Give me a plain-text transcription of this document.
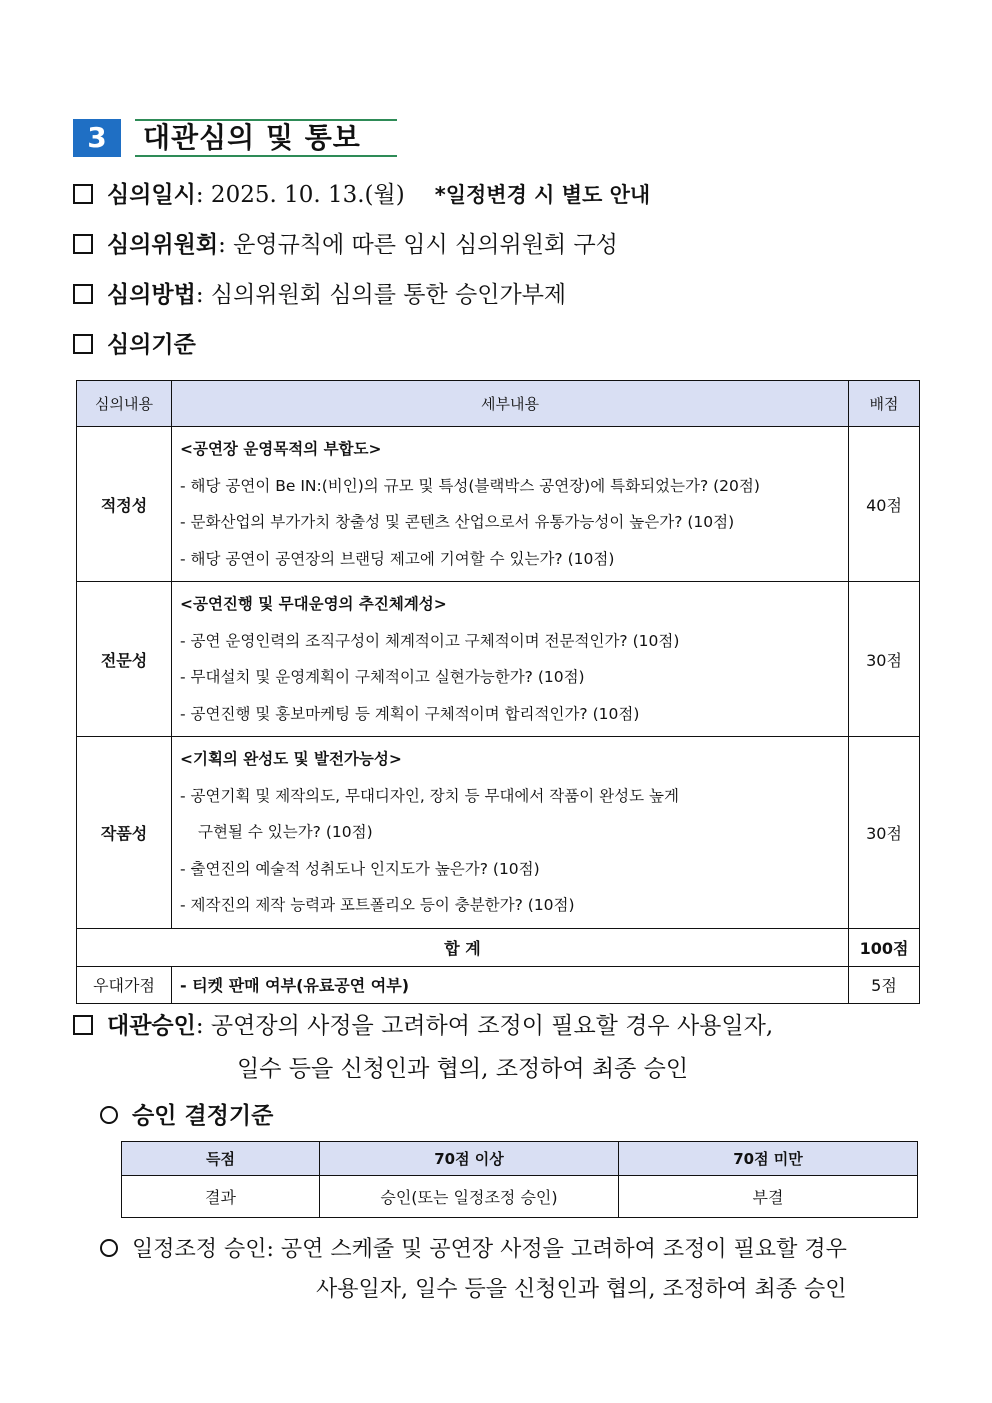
3	대관심의 및 통보
심의일시: 2025. 10. 13.(월) *일정변경 시 별도 안내
심의위원회: 운영규칙에 따른 임시 심의위원회 구성
심의방법: 심의위원회 심의를 통한 승인가부제
심의기준
심의내용	세부내용	배점
적정성	<공연장 운영목적의 부합도>
- 해당 공연이 Be IN:(비인)의 규모 및 특성(블랙박스 공연장)에 특화되었는가? (20점)
- 문화산업의 부가가치 창출성 및 콘텐츠 산업으로서 유통가능성이 높은가? (10점)
- 해당 공연이 공연장의 브랜딩 제고에 기여할 수 있는가? (10점)	40점
전문성	<공연진행 및 무대운영의 추진체계성>
- 공연 운영인력의 조직구성이 체계적이고 구체적이며 전문적인가? (10점)
- 무대설치 및 운영계획이 구체적이고 실현가능한가? (10점)
- 공연진행 및 홍보마케팅 등 계획이 구체적이며 합리적인가? (10점)	30점
작품성	<기획의 완성도 및 발전가능성>
- 공연기획 및 제작의도, 무대디자인, 장치 등 무대에서 작품이 완성도 높게
구현될 수 있는가? (10점)
- 출연진의 예술적 성취도나 인지도가 높은가? (10점)
- 제작진의 제작 능력과 포트폴리오 등이 충분한가? (10점)	30점
합 계		100점
우대가점	- 티켓 판매 여부(유료공연 여부)	5점
대관승인: 공연장의 사정을 고려하여 조정이 필요할 경우 사용일자,
일수 등을 신청인과 협의, 조정하여 최종 승인
승인 결정기준
득점	70점 이상	70점 미만
결과	승인(또는 일정조정 승인)	부결
일정조정 승인: 공연 스케줄 및 공연장 사정을 고려하여 조정이 필요할 경우
사용일자, 일수 등을 신청인과 협의, 조정하여 최종 승인
